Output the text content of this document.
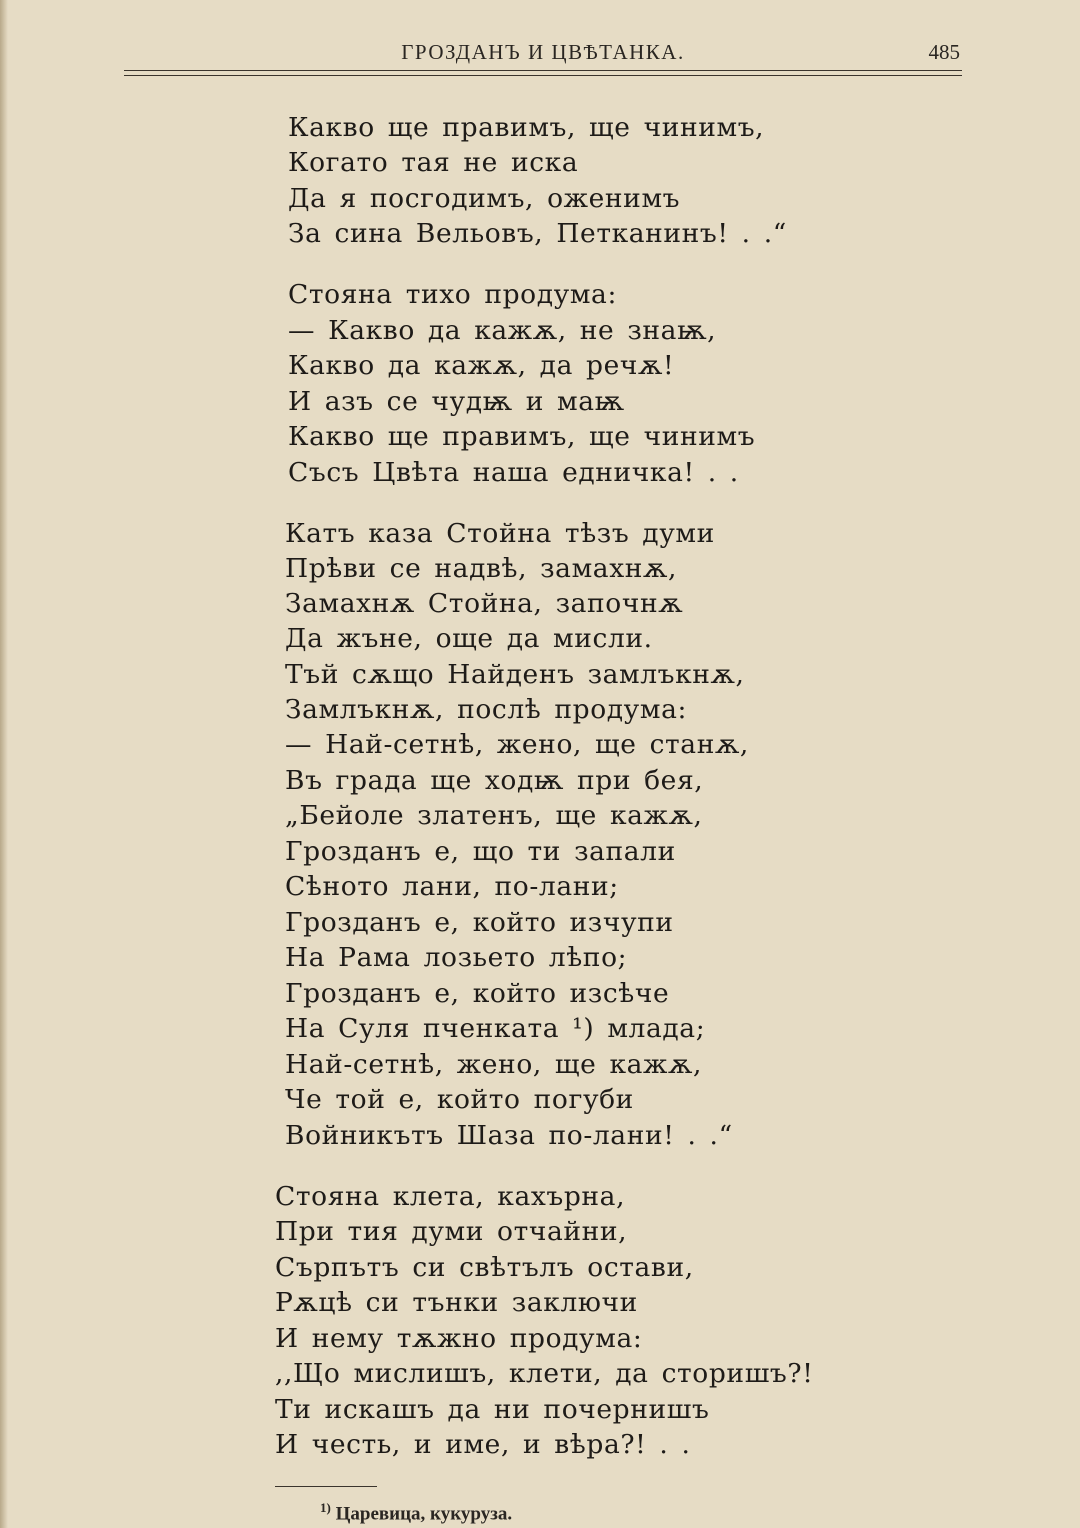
ГРОЗДАНЪ И ЦВѢТАНКА.	485
Какво ще правимъ, ще чинимъ,
Когато тая не иска
Да я посгодимъ, оженимъ
За сина Вельовъ, Петканинъ! . .“
Стояна тихо продума:
— Какво да кажѫ, не знаѭ,
Какво да кажѫ, да речѫ!
И азъ се чудѭ и маѭ
Какво ще правимъ, ще чинимъ
Съсъ Цвѣта наша едничка! . .
Катъ каза Стойна тѣзъ думи
Прѣви се надвѣ, замахнѫ,
Замахнѫ Стойна, започнѫ
Да жъне, още да мисли.
Тъй сѫщо Найденъ замлъкнѫ,
Замлъкнѫ, послѣ продума:
— Най-сетнѣ, жено, ще станѫ,
Въ града ще ходѭ при бея,
„Бейоле златенъ, ще кажѫ,
Грозданъ е, що ти запали
Сѣното лани, по-лани;
Грозданъ е, който изчупи
На Рама лозьето лѣпо;
Грозданъ е, който изсѣче
На Суля пченката ¹) млада;
Най-сетнѣ, жено, ще кажѫ,
Че той е, който погуби
Войникътъ Шаза по-лани! . .“
Стояна клета, кахърна,
При тия думи отчайни,
Сърпътъ си свѣтълъ остави,
Рѫцѣ си тънки заключи
И нему тѫжно продума:
,,Що мислишъ, клети, да сторишъ?!
Ти искашъ да ни почернишъ
И честь, и име, и вѣра?! . .
$^{1)}$ Царевица, кукуруза.
